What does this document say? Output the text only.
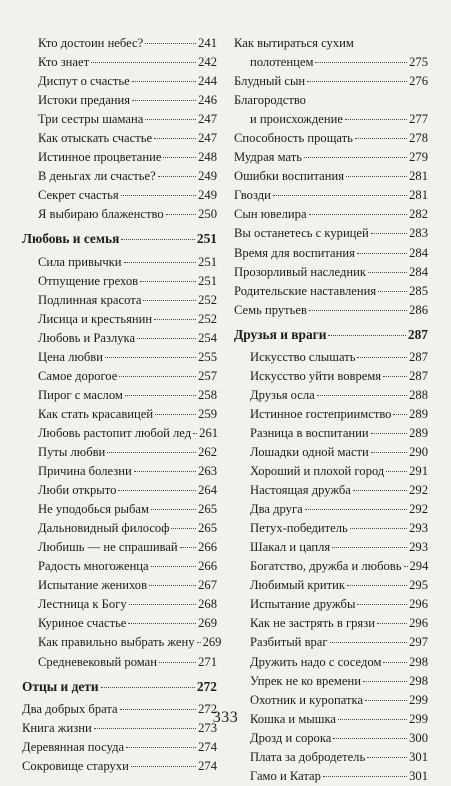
Кто достоин небес?	241
Кто знает	242
Диспут о счастье	244
Истоки предания	246
Три сестры шамана	247
Как отыскать счастье	247
Истинное процветание	248
В деньгах ли счастье?	249
Секрет счастья	249
Я выбираю блаженство	250
Любовь и семья	251
Сила привычки	251
Отпущение грехов	251
Подлинная красота	252
Лисица и крестьянин	252
Любовь и Разлука	254
Цена любви	255
Самое дорогое	257
Пирог с маслом	258
Как стать красавицей	259
Любовь растопит любой лед 261
Путы любви	262
Причина болезни	263
Люби открыто	264
Не уподобься рыбам	265
Дальновидный философ 265
Любишь — не спрашивай 266
Радость многоженца	266
Испытание женихов	267
Лестница к Богу	268
Куриное счастье	269
Как правильно выбрать жену 269
Средневековый роман	271
Отцы и дети	272
Два добрых брата	272
Книга жизни	273
Деревянная посуда	274
Сокровище старухи	274
Как вытираться сухим
полотенцем	275
Блудный сын	276
Благородство
и происхождение	277
Способность прощать	278
Мудрая мать	279
Ошибки воспитания	281
Гвозди	281
Сын ювелира	282
Вы останетесь с курицей	283
Время для воспитания	284
Прозорливый наследник	284
Родительские наставления	285
Семь прутьев	286
Друзья и враги	287
Искусство слышать	287
Искусство уйти вовремя 287
Друзья осла	288
Истинное гостеприимство 289
Разница в воспитании	289
Лошадки одной масти	290
Хороший и плохой город 291
Настоящая дружба	292
Два друга	292
Петух-победитель	293
Шакал и цапля	293
Богатство, дружба и любовь 294
Любимый критик	295
Испытание дружбы	296
Как не застрять в грязи	296
Разбитый враг	297
Дружить надо с соседом 298
Упрек не ко времени	298
Охотник и куропатка	299
Кошка и мышка	299
Дрозд и сорока	300
Плата за добродетель	301
Гамо и Катар	301
333
